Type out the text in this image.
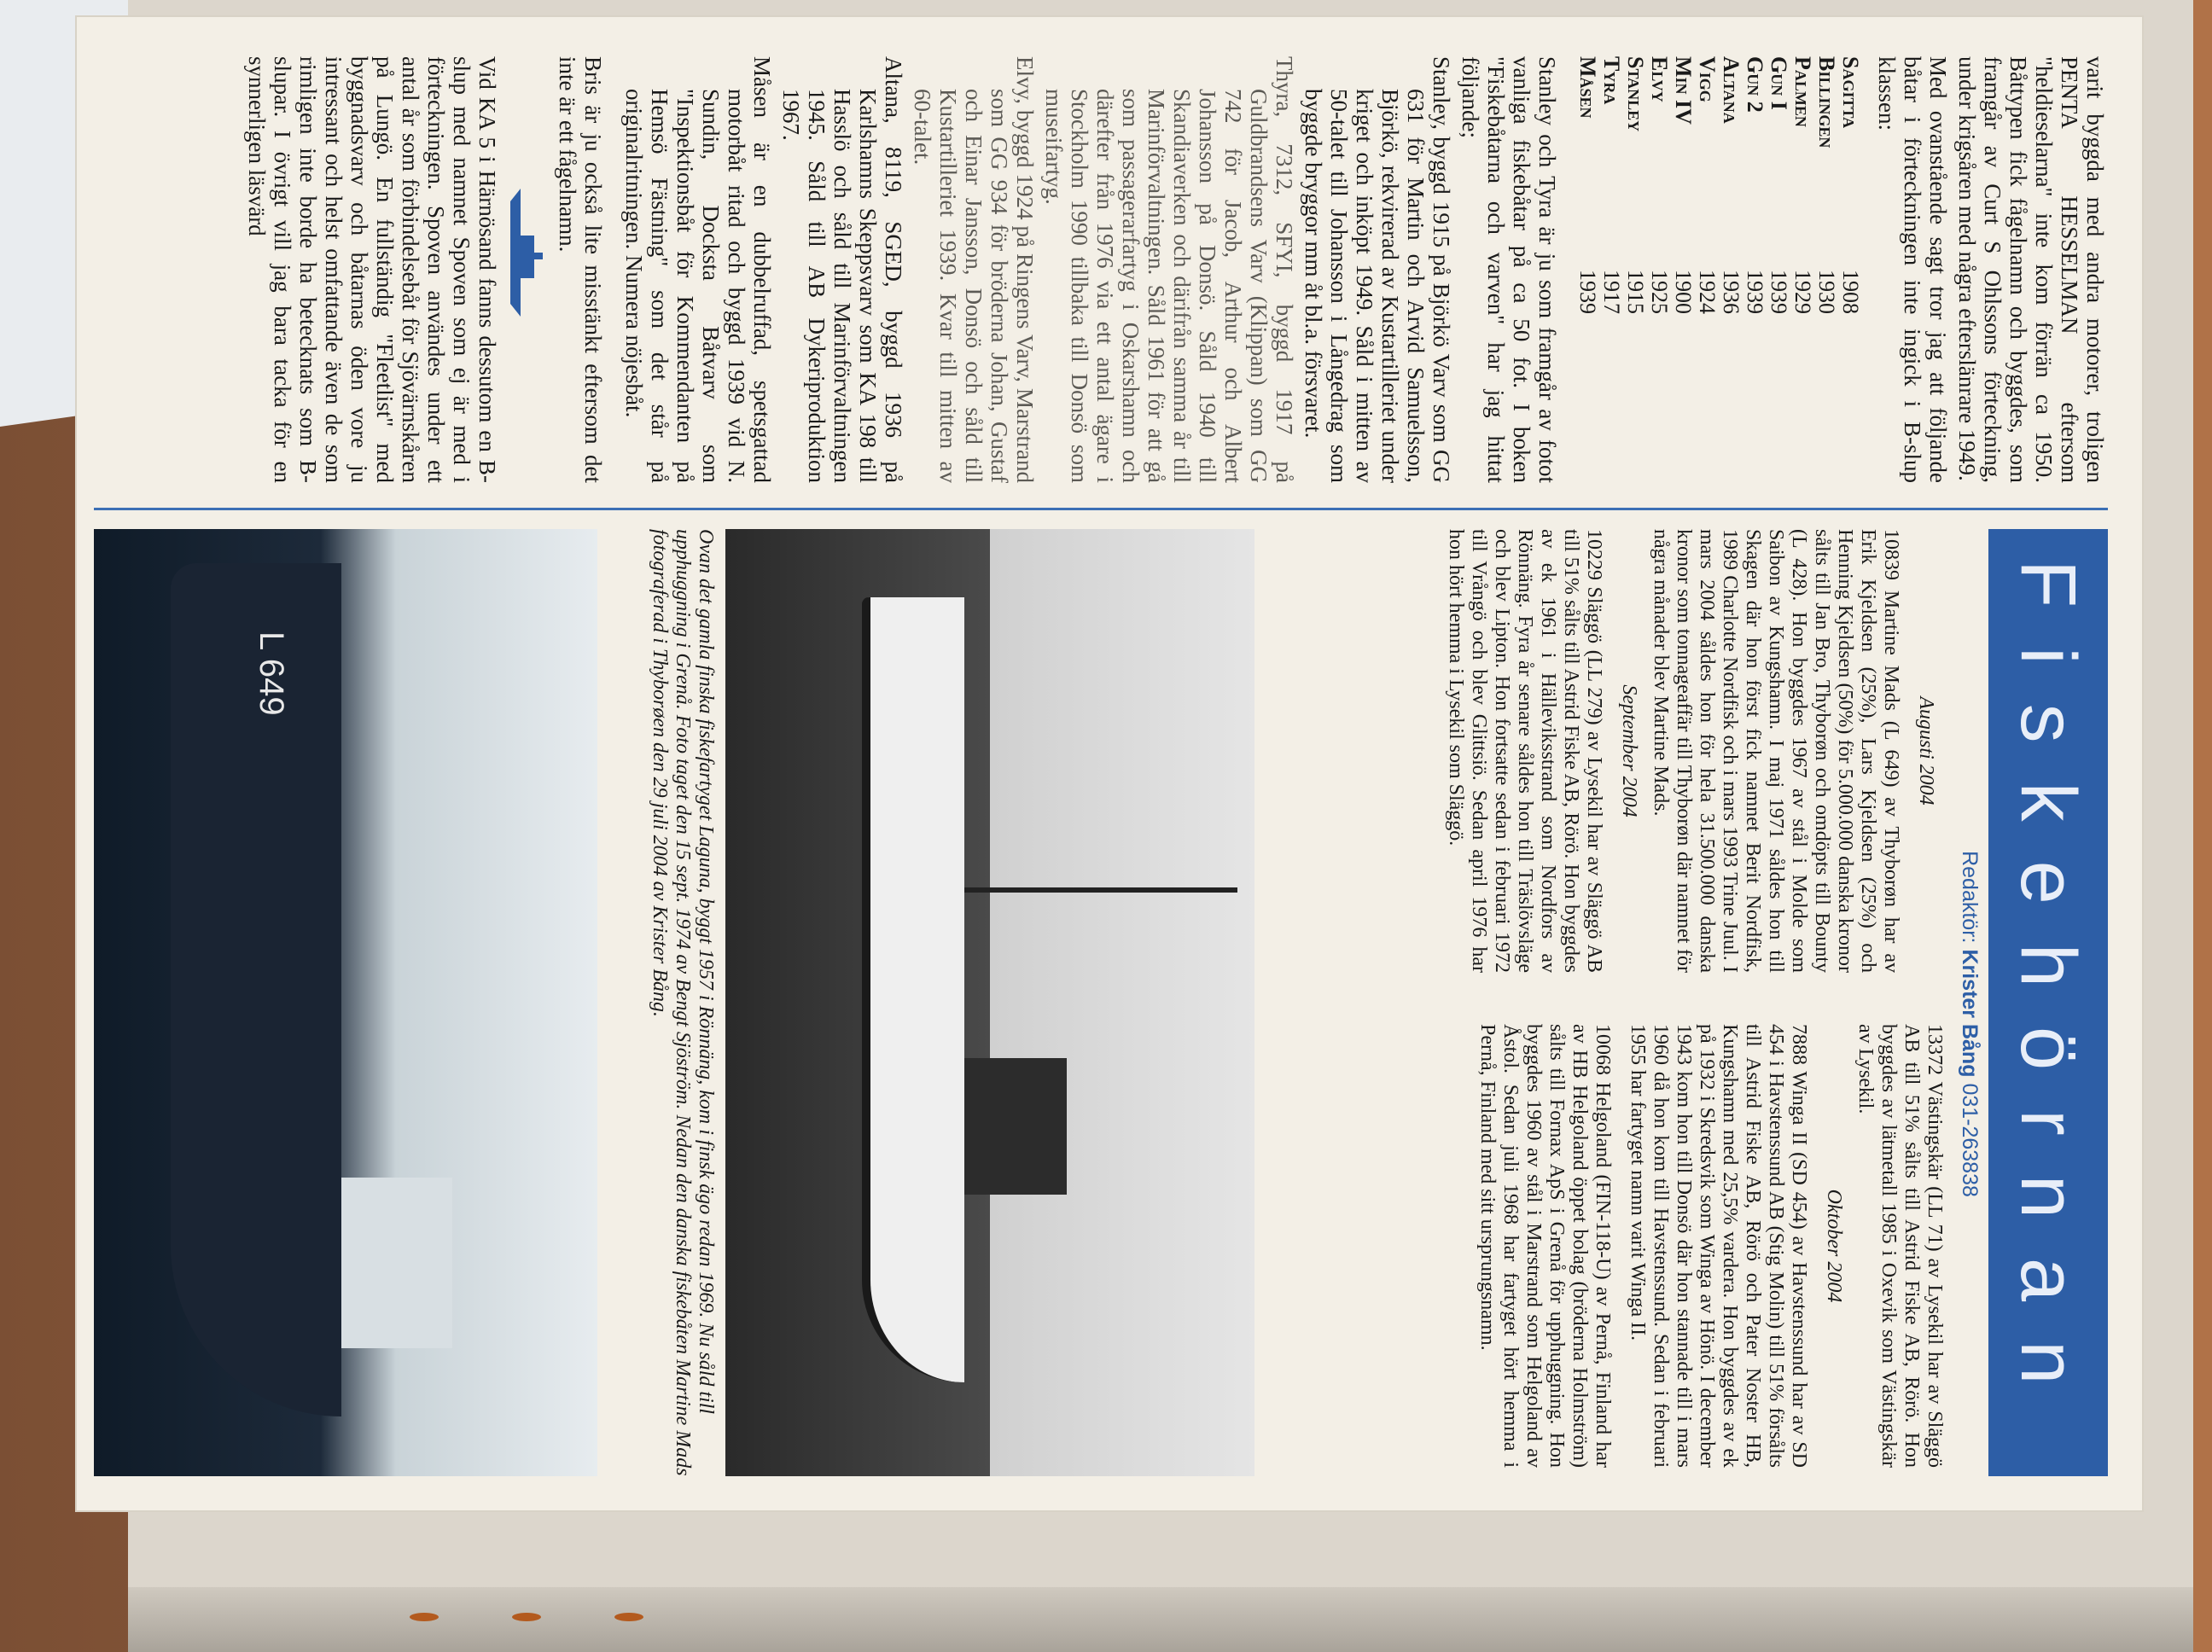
varit byggda med andra motorer, troligen PENTA HESSELMAN eftersom "heldieselarna" inte kom förrän ca 1950. Båttypen fick fågelnamn och byggdes, som framgår av Curt S Ohlssons förteckning, under krigsåren med några efterslänrare 1949.

Med ovanstående sagt tror jag att följande båtar i förteckningen inte ingick i B-slup klassen:

Sagitta	1908
Billingen	1930
Palmen	1929
Gun I	1939
Gun 2	1939
Altana	1936
Vigg	1924
Min IV	1900
Elvy	1925
Stanley	1915
Tyra	1917
Måsen	1939

Stanley och Tyra är ju som framgår av fotot vanliga fiskebåtar på ca 50 fot. I boken "Fiskebåtarna och varven" har jag hittat följande;

Stanley, byggd 1915 på Björkö Varv som GG 631 för Martin och Arvid Samuelsson, Björkö, rekvirerad av Kustartilleriet under kriget och inköpt 1949. Såld i mitten av 50-talet till Johansson i Långedrag som byggde bryggor mm åt bl.a. försvaret.

Thyra, 7312, SFYI, byggd 1917 på Guldbrandsens Varv (Klippan) som GG 742 för Jacob, Arthur och Albert Johansson på Donsö. Såld 1940 till Skandiaverken och därifrån samma år till Marinförvaltningen. Såld 1961 för att gå som passagerarfartyg i Oskarshamn och därefter från 1976 via ett antal ägare i Stockholm 1990 tillbaka till Donsö som museifartyg.

Elvy, byggd 1924 på Ringens Varv, Marstrand som GG 934 för bröderna Johan, Gustaf och Einar Jansson, Donsö och såld till Kustartilleriet 1939. Kvar till mitten av 60-talet.

Altana, 8119, SGED, byggd 1936 på Karlshamns Skeppsvarv som KA 198 till Hasslö och såld till Marinförvaltningen 1945. Såld till AB Dykeriproduktion 1967.

Måsen är en dubbelruffad, spetsgattad motorbåt ritad och byggd 1939 vid N. Sundin, Docksta Båtvarv som "Inspektionsbåt för Kommendanten på Hemsö Fästning" som det står på originalritningen. Numera nöjesbåt.

Bris är ju också lite misstänkt eftersom det inte är ett fågelnamn.

Vid KA 5 i Härnösand fanns dessutom en B-slup med namnet Spoven som ej är med i förteckningen. Spoven användes under ett antal år som förbindelsebåt för Sjövärnskåren på Lungö. En fullständig "Fleetlist" med byggnadsvarv och båtarnas öden vore ju intressant och helst omfattande även de som rimligen inte borde ha betecknats som B-slupar. I övrigt vill jag bara tacka för en synnerligen läsvärd

Fiskehörnan
Redaktör: Krister Bång 031-263838
Augusti 2004

10839 Martine Mads (L 649) av Thyborøn har av Erik Kjeldsen (25%), Lars Kjeldsen (25%) och Henning Kjeldsen (50%) för 5.000.000 danska kronor sålts till Jan Bro, Thyborøn och omdöpts till Bounty (L 428). Hon byggdes 1967 av stål i Molde som Saibon av Kungshamn. I maj 1971 såldes hon till Skagen där hon först fick namnet Berit Nordfisk, 1989 Charlotte Nordfisk och i mars 1993 Trine Juul. I mars 2004 såldes hon för hela 31.500.000 danska kronor som tonnageaffär till Thyborøn där namnet för några månader blev Martine Mads.

September 2004

10229 Släggö (LL 279) av Lysekil har av Släggö AB till 51% sålts till Astrid Fiske AB, Rörö. Hon byggdes av ek 1961 i Hälleviksstrand som Nordfors av Rönnäng. Fyra år senare såldes hon till Träslövsläge och blev Lipton. Hon fortsatte sedan i februari 1972 till Vrångö och blev Glittsiö. Sedan april 1976 har hon hört hemma i Lysekil som Släggö.

13372 Västingskär (LL 71) av Lysekil har av Släggö AB till 51% sålts till Astrid Fiske AB, Rörö. Hon byggdes av lätmetall 1985 i Oxevik som Västingskär av Lysekil.

Oktober 2004

7888 Winga II (SD 454) av Havstenssund har av SD 454 i Havstenssund AB (Stig Molin) till 51% försålts till Astrid Fiske AB, Rörö och Pater Noster HB, Kungshamn med 25,5% vardera. Hon byggdes av ek på 1932 i Skredsvik som Winga av Hönö. I december 1943 kom hon till Donsö där hon stannade till i mars 1960 då hon kom till Havstenssund. Sedan i februari 1955 har fartyget namn varit Winga II.

10068 Helgoland (FIN-118-U) av Pernå, Finland har av HB Helgoland öppet bolag (bröderna Holmström) sålts till Fornax ApS i Grenå för upphuggning. Hon byggdes 1960 av stål i Marstrand som Helgoland av Åstol. Sedan juli 1968 har fartyget hört hemma i Pernå, Finland med sitt ursprungsnamn.

Ovan det gamla finska fiskefartyget Laguna, byggt 1957 i Rönnäng, kom i finsk ägo redan 1969. Nu såld till upphuggning i Grenå. Foto taget den 15 sept. 1974 av Bengt Sjöström. Nedan den danska fiskebåten Martine Mads fotograferad i Thyborøen den 29 juli 2004 av Krister Bång.
L 649
